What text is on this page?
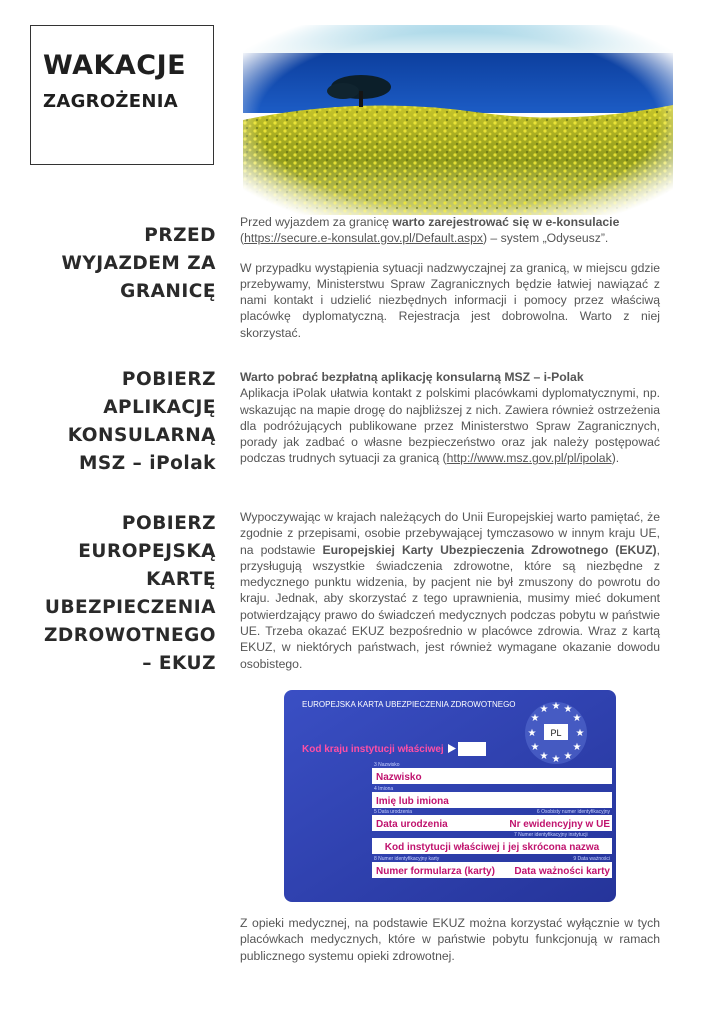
WAKACJE
ZAGROŻENIA
PRZED
WYJAZDEM ZA
GRANICĘ

Przed wyjazdem za granicę warto zarejestrować się w e-konsulacie
(https://secure.e-konsulat.gov.pl/Default.aspx) – system „Odyseusz”.

W przypadku wystąpienia sytuacji nadzwyczajnej za granicą, w miejscu gdzie przebywamy, Ministerstwu Spraw Zagranicznych będzie łatwiej nawiązać z nami kontakt i udzielić niezbędnych informacji i pomocy przez właściwą placówkę dyplomatyczną. Rejestracja jest dobrowolna. Warto z niej skorzystać.

POBIERZ
APLIKACJĘ
KONSULARNĄ
MSZ – iPolak

Warto pobrać bezpłatną aplikację konsularną MSZ – i-Polak
Aplikacja iPolak ułatwia kontakt z polskimi placówkami dyplomatycznymi, np. wskazując na mapie drogę do najbliższej z nich. Zawiera również ostrzeżenia dla podróżujących publikowane przez Ministerstwo Spraw Zagranicznych, porady jak zadbać o własne bezpieczeństwo oraz jak należy postępować podczas trudnych sytuacji za granicą (http://www.msz.gov.pl/pl/ipolak).

POBIERZ
EUROPEJSKĄ
KARTĘ
UBEZPIECZENIA
ZDROWOTNEGO
– EKUZ

Wypoczywając w krajach należących do Unii Europejskiej warto pamiętać, że zgodnie z przepisami, osobie przebywającej tymczasowo w innym kraju UE, na podstawie Europejskiej Karty Ubezpieczenia Zdrowotnego (EKUZ), przysługują wszystkie świadczenia zdrowotne, które są niezbędne z medycznego punktu widzenia, by pacjent nie był zmuszony do powrotu do kraju. Jednak, aby skorzystać z tego uprawnienia, musimy mieć dokument potwierdzający prawo do świadczeń medycznych podczas pobytu w państwie UE. Trzeba okazać EKUZ bezpośrednio w placówce zdrowia. Wraz z kartą EKUZ, w niektórych państwach, jest również wymagane okazanie dowodu osobistego.

EUROPEJSKA KARTA UBEZPIECZENIA ZDROWOTNEGO	★ ★
★
★
★
★
★
★
★
★
★
★
PL
Kod kraju instytucji właściwej
3 Nazwisko
Nazwisko
4 Imiona
Imię lub imiona
5 Data urodzenia	6 Osobisty numer identyfikacyjny
Data urodzenia	Nr ewidencyjny w UE
7 Numer identyfikacyjny instytucji
Kod instytucji właściwej i jej skrócona nazwa
8 Numer identyfikacyjny karty	9 Data ważności
Numer formularza (karty) Data ważności karty

Z opieki medycznej, na podstawie EKUZ można korzystać wyłącznie w tych placówkach medycznych, które w państwie pobytu funkcjonują w ramach publicznego systemu opieki zdrowotnej.
